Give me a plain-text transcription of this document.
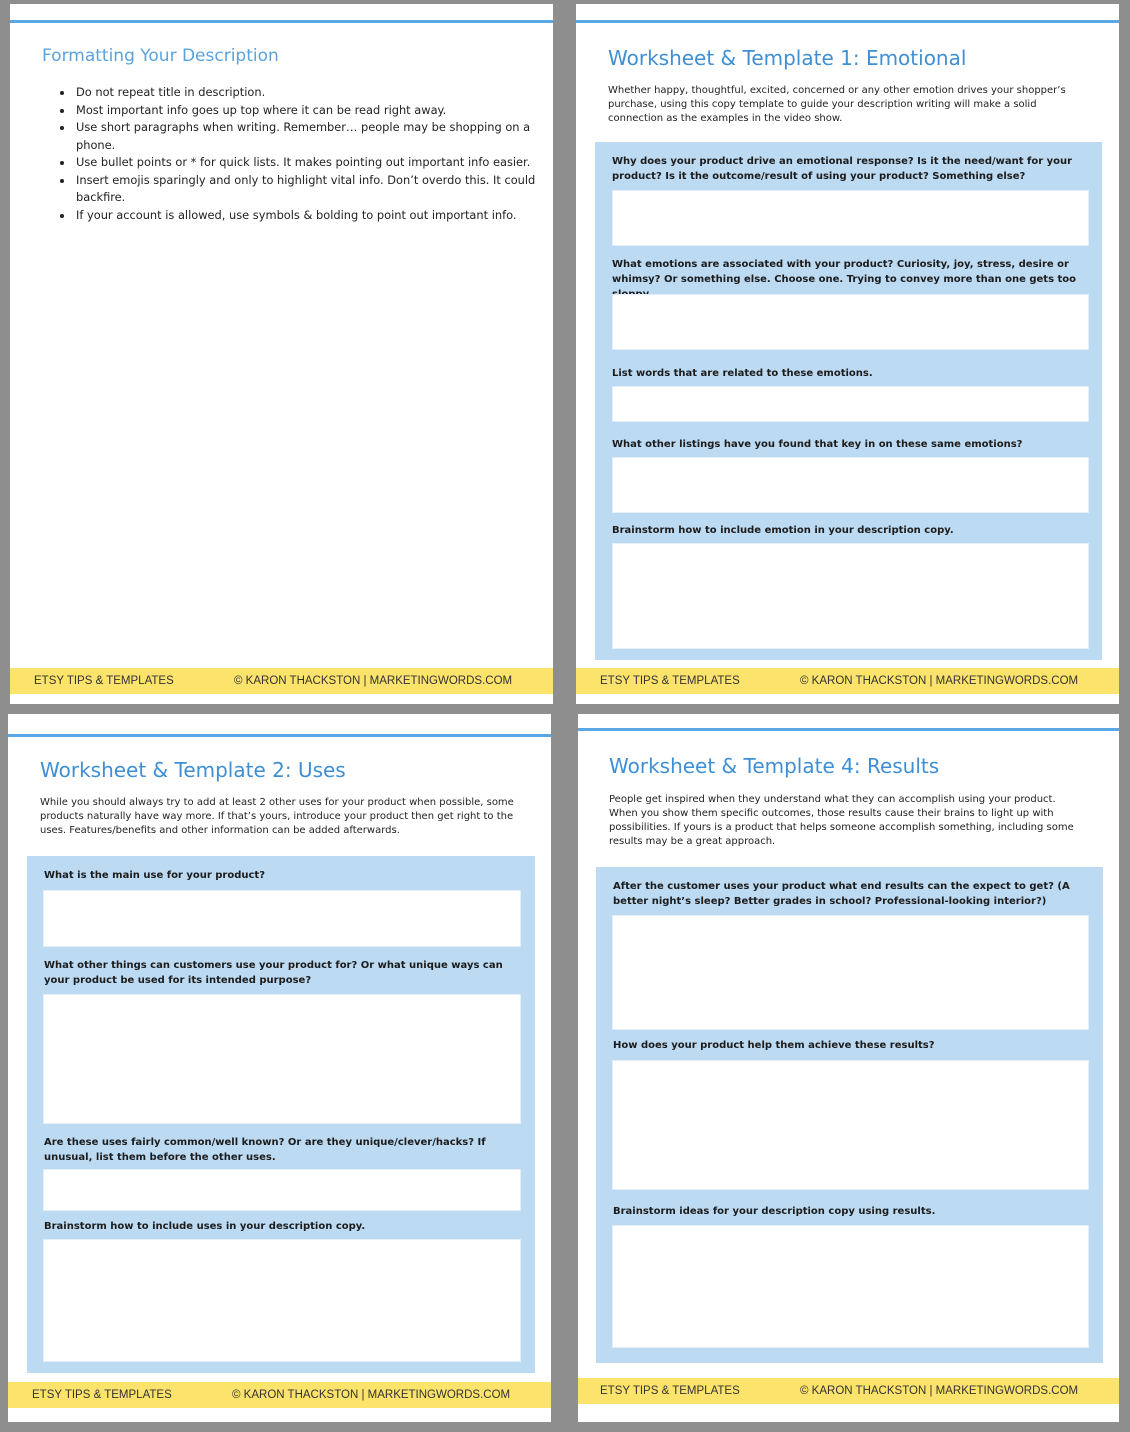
Formatting Your Description
• Do not repeat title in description.
• Most important info goes up top where it can be read right away.
• Use short paragraphs when writing. Remember… people may be shopping on a phone.
• Use bullet points or * for quick lists. It makes pointing out important info easier.
• Insert emojis sparingly and only to highlight vital info. Don’t overdo this. It could backfire.
• If your account is allowed, use symbols & bolding to point out important info.
ETSY TIPS & TEMPLATES	© KARON THACKSTON | MARKETINGWORDS.COM
Worksheet & Template 1: Emotional
Whether happy, thoughtful, excited, concerned or any other emotion drives your shopper’s purchase, using this copy template to guide your description writing will make a solid connection as the examples in the video show.
Why does your product drive an emotional response? Is it the need/want for your product? Is it the outcome/result of using your product? Something else?
What emotions are associated with your product? Curiosity, joy, stress, desire or whimsy? Or something else. Choose one. Trying to convey more than one gets too
List words that are related to these emotions.
What other listings have you found that key in on these same emotions?
Brainstorm how to include emotion in your description copy.
ETSY TIPS & TEMPLATES	© KARON THACKSTON | MARKETINGWORDS.COM
Worksheet & Template 2: Uses
While you should always try to add at least 2 other uses for your product when possible, some products naturally have way more. If that’s yours, introduce your product then get right to the uses. Features/benefits and other information can be added afterwards.
What is the main use for your product?
What other things can customers use your product for? Or what unique ways can your product be used for its intended purpose?
Are these uses fairly common/well known? Or are they unique/clever/hacks? If unusual, list them before the other uses.
Brainstorm how to include uses in your description copy.
ETSY TIPS & TEMPLATES	© KARON THACKSTON | MARKETINGWORDS.COM
Worksheet & Template 4: Results
People get inspired when they understand what they can accomplish using your product. When you show them specific outcomes, those results cause their brains to light up with possibilities. If yours is a product that helps someone accomplish something, including some results may be a great approach.
After the customer uses your product what end results can the expect to get? (A better night’s sleep? Better grades in school? Professional-looking interior?)
How does your product help them achieve these results?
Brainstorm ideas for your description copy using results.
ETSY TIPS & TEMPLATES	© KARON THACKSTON | MARKETINGWORDS.COM
